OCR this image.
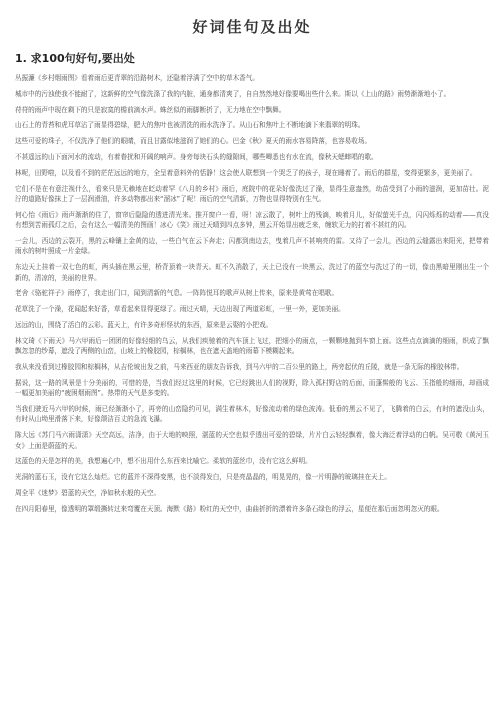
好词佳句及出处
1. 求100句好句,要出处

丛振濂《乡村烟雨图》看着雨后更青翠的沿路树木，还隐着浮满了空中的草木香气。

城市中的污浊使我不能耐了，这新鲜的空气像洗涤了我的内脏，通身都清爽了，自自然然地好像要喝出些什么来。斯以《上山的路》雨势渐渐地小了。

苻苻的雨声中现在剩下的只是寂寞的檐前滴水声。蛛丝似的雨脚断折了，无力地在空中飘舞。

山石上的青苔和虎耳草沾了雨显得碧绿，肥大的焦叶也被清洗的雨水洗净了。从山石和焦叶上不断地滴下来翡翠的明珠。

这些可爱的珠子，不仅洗净了他们的眼睛，而且甘露似地滋润了她们的心。巴金《秋》夏天的雨水容易降落，也容易收场。

不甚遥远的山下面河水的流动，有着眷扰和开阔的响声。身旁每块石头的缝隙间，哪些唧悉也有水在流，像秋天蟋蟀唱的歌。

林呢，田野啦，以及看不到的茫茫远远的地方，全呈着意料外的恬静！这会使人联想到一个哭乏了的孩子，现在睡着了。雨后的群星，变得更繁多，更美丽了。

它们不是在有意注视什么，看来只是无赖地在眨动着罕《八月的乡村》雨后，庭院中的花朵好像洗过了澡，显得生意盎然，幼苗受到了小雨的滋润，更加苗壮。泥泞的道路好像抹上了一层润滑油，许多动物都出来“溜冰”了呢！雨后的空气清新，万物也显得特别有生气。

何心怡《雨后》雨声渐渐的住了，窗帘后隐隐的透进清光来。推开窗户一看，呀！凉云散了，树叶上的残滴，映着月儿，好似萤光千点，闪闪烁烁的动着——真没有想到苦雨孤灯之后，会有这么一幅清美的图画！冰心《笑》雨过天晴到四点多钟，黑云开始显出疲乏来，缠软无力的打着不甚红的闪。

一会儿，西边的云裂开，黑的云峰镶上金黄的边，一些白气在云下奔走；闪都到南边去，曳着几声不甚响亮的雷。又待了一会儿，西边的云缝露出来阳光，把带着雨水的树叶照成一片金绿。

东边天上挂着一双七色的虹，两头插在黑云里，桥背顶着一块青天。虹不久消散了，天上已没有一块黑云，洗过了的蓝空与洗过了的一切，像由黑暗里刚出生一个新的，清凉的，美丽的世界。

老舍《骆驼祥子》雨停了，我走出门口，闻到清新的气息。一阵阵悦耳的歌声从树上传来，原来是黄莺在唱歌。

花草洗了一个澡，花闻起来好香，草看起来显得更绿了。雨过天晴，天边出现了两道彩虹，一里一外，更加美丽。

远远的山，围绕了活白的云彩。蓝天上，有许多奇形怪状的东西，原来是云娶的小把戏。

林文琦《下雨天》马六甲雨后一团团的好像轻细的乌云，从我们疾驰着的汽车顶上飞过，把细小的雨点，一颗颗地抛到车窗上面。这些点点滴滴的细雨，织成了飘飘忽忽的纱幕，遮没了两侧的山峦，山坡上的橡胶园，棕榈林，也在遮天盖地的雨幕下模糊起来。

我从来没看到过橡胶园和棕榈林，从吉伦坡出发之前，马来西亚的朋友告诉我，到马六甲的二百公里的路上，两旁起伏的丘陵，就是一条无际的橡胶林带。

据说，这一路的风景是十分美丽的，可惜的是，当我们经过这里的时候，它已经跳出人们的视野，除入孤村野店的后面，而蓬髻般的飞云、玉指般的细雨，却画成一幅更加美丽的“疲困烟雨图”。热带的天气是多变的。

当我们驶近马六甲的时候，雨已经渐渐小了，再旁的山峦隐约可见，满生着林木，好像流动着的绿色波涛。低垂的黑云不见了，飞腾着的白云，有时的遮没山头，有时从山坳里滑落下来，好像颌洁百丈的急流飞瀑。

陈大远《苏门马六雨潇潇》天空高远，洁净，由于大地的映照，湛蓝的天空也似乎透出可爱的碧绿，片片白云轻轻飘着，像大海泛着浮动的白帆。吴可敬《黄河玉女》上面是蔚蓝的天。

这蓝色的天是怎样的美，我想遍心中，想不出用什么东西来比喻它。柔软的蓝丝巾，没有它这么鲜明。

光洞的蓝石玉，没有它这么灿烂。它的蓝并不深得变黑，也不淡得发白，只是亮晶晶的，明晃晃的，像一片明静的玻璃挂在天上。

周全平《迷梦》碧蓝的天空，净如秋水般的天空。

在四月阳春里，像透明的罩缎撕转过来弯覆在天顶。海默《路》粉红的天空中，曲曲折折的漂着许多条石绿色的浮云，星便在那后面忽明忽灭的眼。
